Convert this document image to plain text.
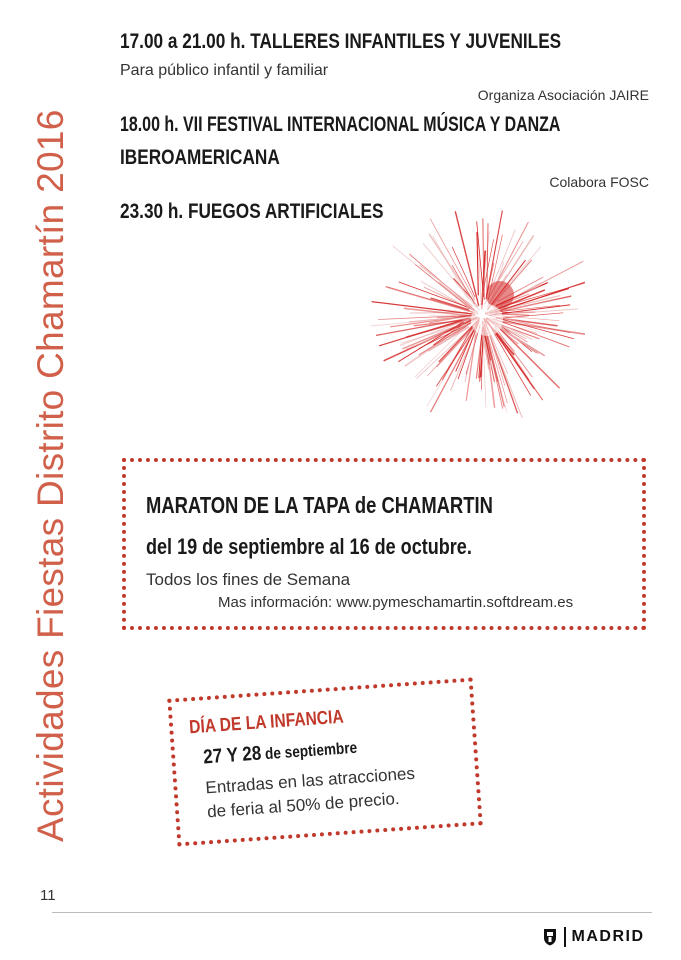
Actividades Fiestas Distrito Chamartín 2016
17.00 a 21.00 h. TALLERES INFANTILES Y JUVENILES
Para público infantil y familiar
Organiza Asociación JAIRE
18.00 h. VII FESTIVAL INTERNACIONAL MÚSICA Y DANZA
IBEROAMERICANA
Colabora FOSC
23.30 h. FUEGOS ARTIFICIALES
MARATON DE LA TAPA de CHAMARTIN
del 19 de septiembre al 16 de octubre.
Todos los fines de Semana
Mas información: www.pymeschamartin.softdream.es
DÍA DE LA INFANCIA
27 Y 28 de septiembre
Entradas en las atracciones
de feria al 50% de precio.
11
MADRID
